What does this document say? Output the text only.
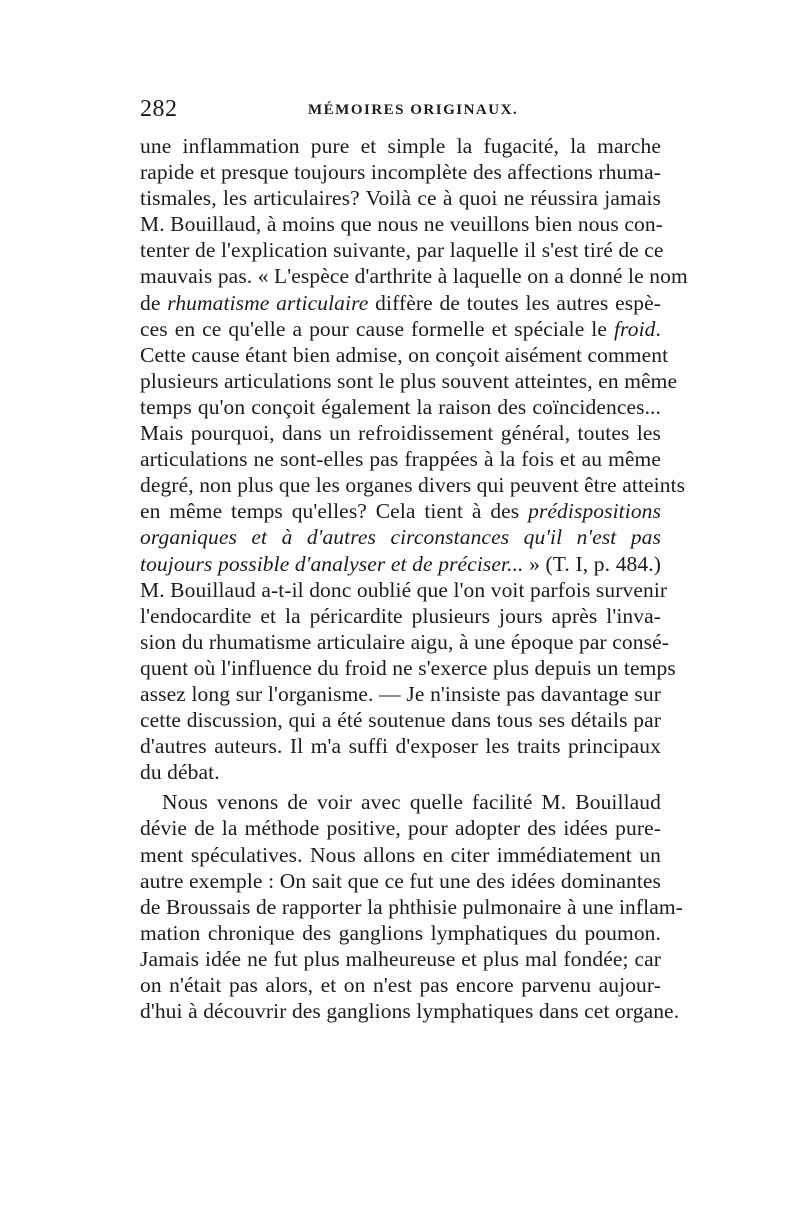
282	MÉMOIRES ORIGINAUX.
une inflammation pure et simple la fugacité, la marche
rapide et presque toujours incomplète des affections rhuma-
tismales, les articulaires? Voilà ce à quoi ne réussira jamais
M. Bouillaud, à moins que nous ne veuillons bien nous con-
tenter de l'explication suivante, par laquelle il s'est tiré de ce
mauvais pas. « L'espèce d'arthrite à laquelle on a donné le nom
de rhumatisme articulaire diffère de toutes les autres espè-
ces en ce qu'elle a pour cause formelle et spéciale le froid.
Cette cause étant bien admise, on conçoit aisément comment
plusieurs articulations sont le plus souvent atteintes, en même
temps qu'on conçoit également la raison des coïncidences...
Mais pourquoi, dans un refroidissement général, toutes les
articulations ne sont-elles pas frappées à la fois et au même
degré, non plus que les organes divers qui peuvent être atteints
en même temps qu'elles? Cela tient à des prédispositions
organiques et à d'autres circonstances qu'il n'est pas
toujours possible d'analyser et de préciser... » (T. I, p. 484.)
M. Bouillaud a-t-il donc oublié que l'on voit parfois survenir
l'endocardite et la péricardite plusieurs jours après l'inva-
sion du rhumatisme articulaire aigu, à une époque par consé-
quent où l'influence du froid ne s'exerce plus depuis un temps
assez long sur l'organisme. — Je n'insiste pas davantage sur
cette discussion, qui a été soutenue dans tous ses détails par
d'autres auteurs. Il m'a suffi d'exposer les traits principaux
du débat.
Nous venons de voir avec quelle facilité M. Bouillaud
dévie de la méthode positive, pour adopter des idées pure-
ment spéculatives. Nous allons en citer immédiatement un
autre exemple : On sait que ce fut une des idées dominantes
de Broussais de rapporter la phthisie pulmonaire à une inflam-
mation chronique des ganglions lymphatiques du poumon.
Jamais idée ne fut plus malheureuse et plus mal fondée; car
on n'était pas alors, et on n'est pas encore parvenu aujour-
d'hui à découvrir des ganglions lymphatiques dans cet organe.
